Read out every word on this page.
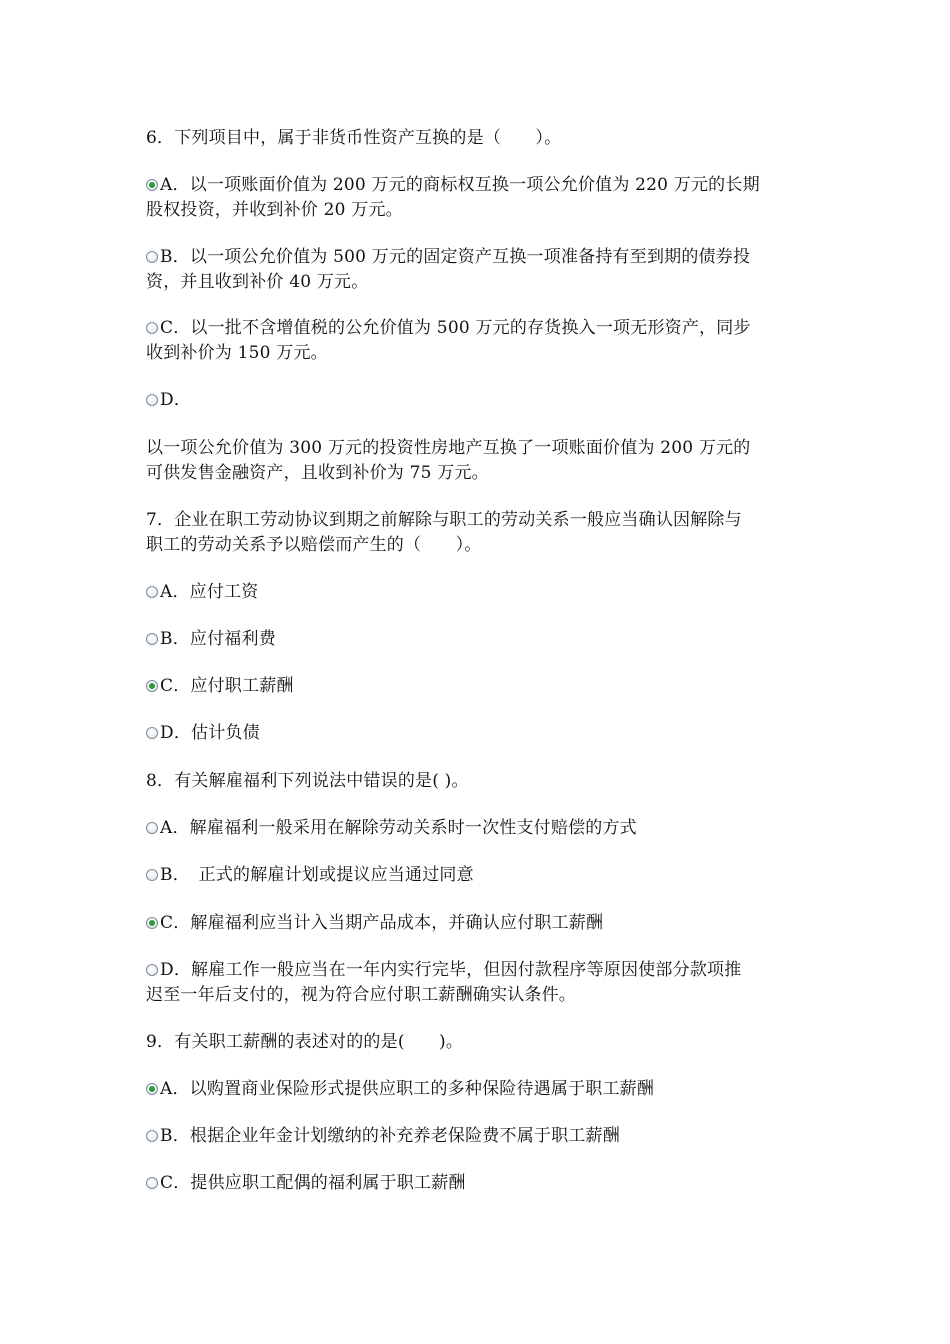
6．下列项目中，属于非货币性资产互换的是（　　）。
A．以一项账面价值为 200 万元的商标权互换一项公允价值为 220 万元的长期
股权投资，并收到补价 20 万元。
B．以一项公允价值为 500 万元的固定资产互换一项准备持有至到期的债券投
资，并且收到补价 40 万元。
C．以一批不含增值税的公允价值为 500 万元的存货换入一项无形资产，同步
收到补价为 150 万元。
D．
以一项公允价值为 300 万元的投资性房地产互换了一项账面价值为 200 万元的
可供发售金融资产，且收到补价为 75 万元。
7．企业在职工劳动协议到期之前解除与职工的劳动关系一般应当确认因解除与
职工的劳动关系予以赔偿而产生的（　　）。
A．应付工资
B．应付福利费
C．应付职工薪酬
D．估计负债
8．有关解雇福利下列说法中错误的是( )。
A．解雇福利一般采用在解除劳动关系时一次性支付赔偿的方式
B．　正式的解雇计划或提议应当通过同意
C．解雇福利应当计入当期产品成本，并确认应付职工薪酬
D．解雇工作一般应当在一年内实行完毕，但因付款程序等原因使部分款项推
迟至一年后支付的，视为符合应付职工薪酬确实认条件。
9．有关职工薪酬的表述对的的是(　　)。
A．以购置商业保险形式提供应职工的多种保险待遇属于职工薪酬
B．根据企业年金计划缴纳的补充养老保险费不属于职工薪酬
C．提供应职工配偶的福利属于职工薪酬
